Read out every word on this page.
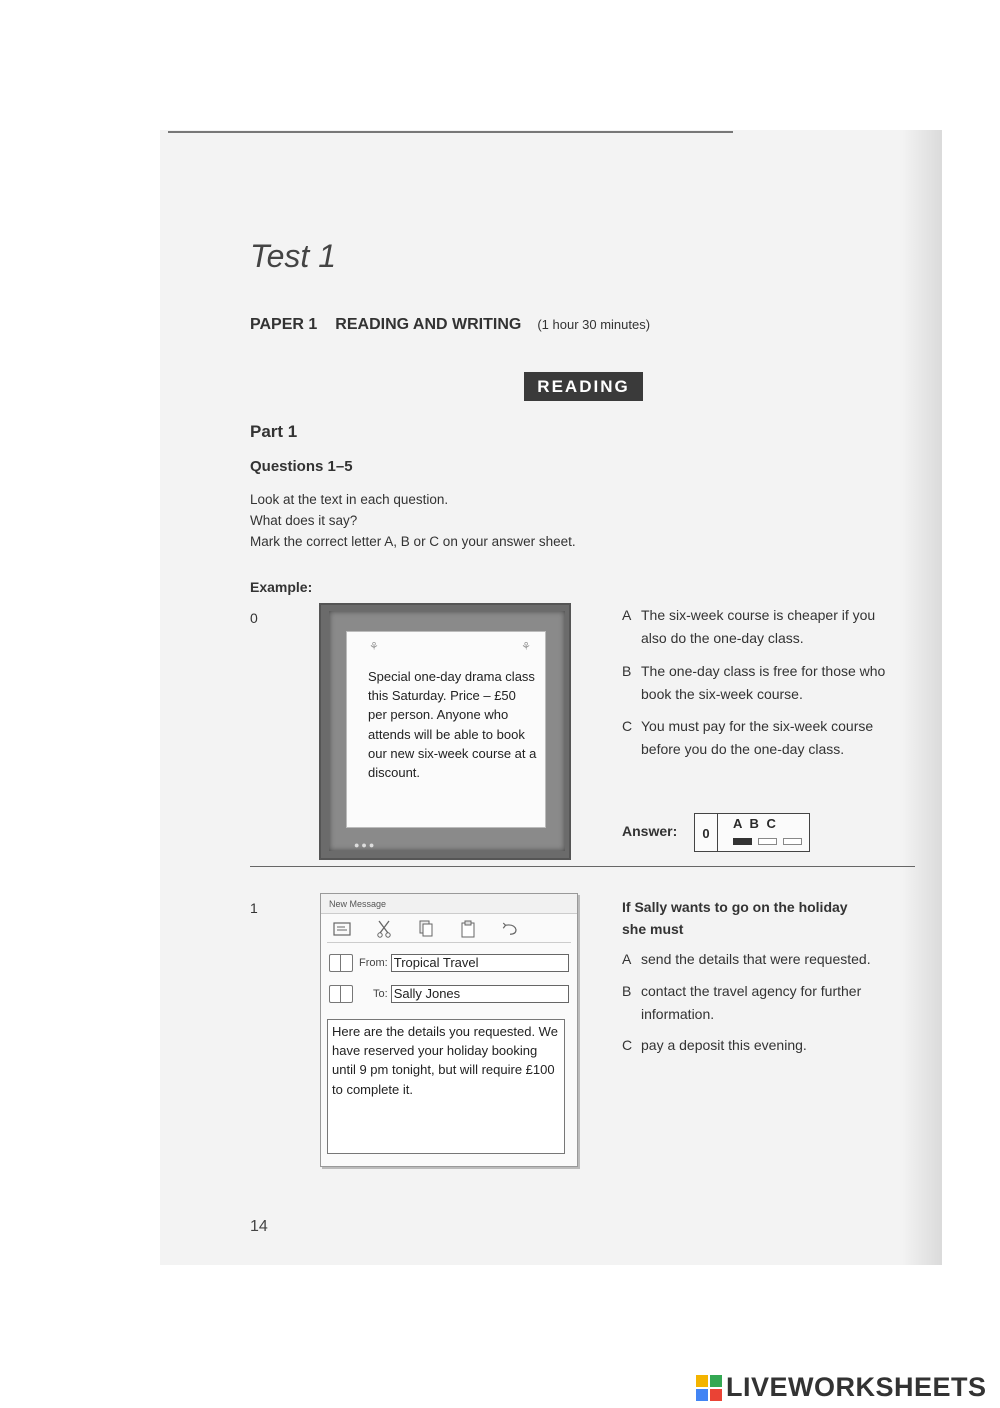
Test 1
PAPER 1 READING AND WRITING (1 hour 30 minutes)
READING
Part 1
Questions 1–5
Look at the text in each question.
What does it say?
Mark the correct letter A, B or C on your answer sheet.
Example:
0
⚘	⚘
Special one-day drama class this Saturday. Price – £50 per person. Anyone who attends will be able to book our new six-week course at a discount.
●●●
A The six-week course is cheaper if you
also do the one-day class.
B The one-day class is free for those who
book the six-week course.
C You must pay for the six-week course
before you do the one-day class.
Answer:	0
A B C
1	New Message
From: Tropical Travel
To: Sally Jones
Here are the details you requested. We have reserved your holiday booking until 9 pm tonight, but will require £100 to complete it.
If Sally wants to go on the holiday
she must
A send the details that were requested.
B contact the travel agency for further
information.
C pay a deposit this evening.
14
LIVEWORKSHEETS
